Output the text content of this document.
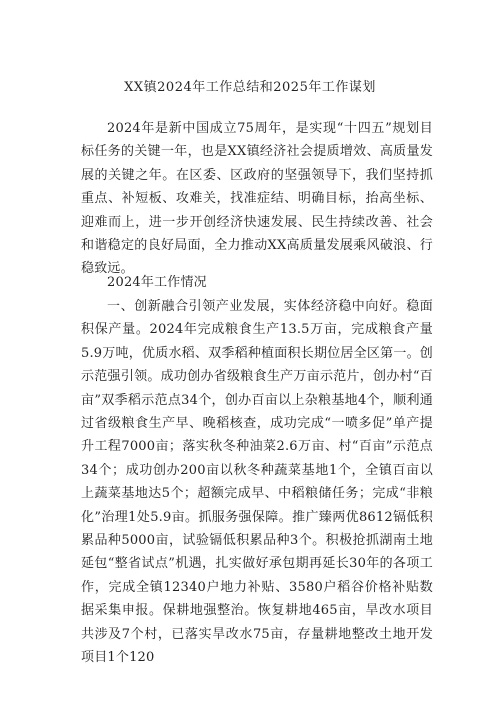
XX镇2024年工作总结和2025年工作谋划

2024年是新中国成立75周年，是实现“十四五”规划目标任务的关键一年，也是XX镇经济社会提质增效、高质量发展的关键之年。在区委、区政府的坚强领导下，我们坚持抓重点、补短板、攻难关，找准症结、明确目标，抬高坐标、迎难而上，进一步开创经济快速发展、民生持续改善、社会和谐稳定的良好局面，全力推动XX高质量发展乘风破浪、行稳致远。

2024年工作情况

一、创新融合引领产业发展，实体经济稳中向好。稳面积保产量。2024年完成粮食生产13.5万亩，完成粮食产量5.9万吨，优质水稻、双季稻种植面积长期位居全区第一。创示范强引领。成功创办省级粮食生产万亩示范片，创办村“百亩”双季稻示范点34个，创办百亩以上杂粮基地4个，顺利通过省级粮食生产早、晚稻核查，成功完成“一喷多促”单产提升工程7000亩；落实秋冬种油菜2.6万亩、村“百亩”示范点34个；成功创办200亩以秋冬种蔬菜基地1个，全镇百亩以上蔬菜基地达5个；超额完成早、中稻粮储任务；完成“非粮化”治理1处5.9亩。抓服务强保障。推广臻两优8612镉低积累品种5000亩，试验镉低积累品种3个。积极抢抓湖南土地延包“整省试点”机遇，扎实做好承包期再延长30年的各项工作，完成全镇12340户地力补贴、3580户稻谷价格补贴数据采集申报。保耕地强整治。恢复耕地465亩，旱改水项目共涉及7个村，已落实旱改水75亩，存量耕地整改土地开发项目1个120
